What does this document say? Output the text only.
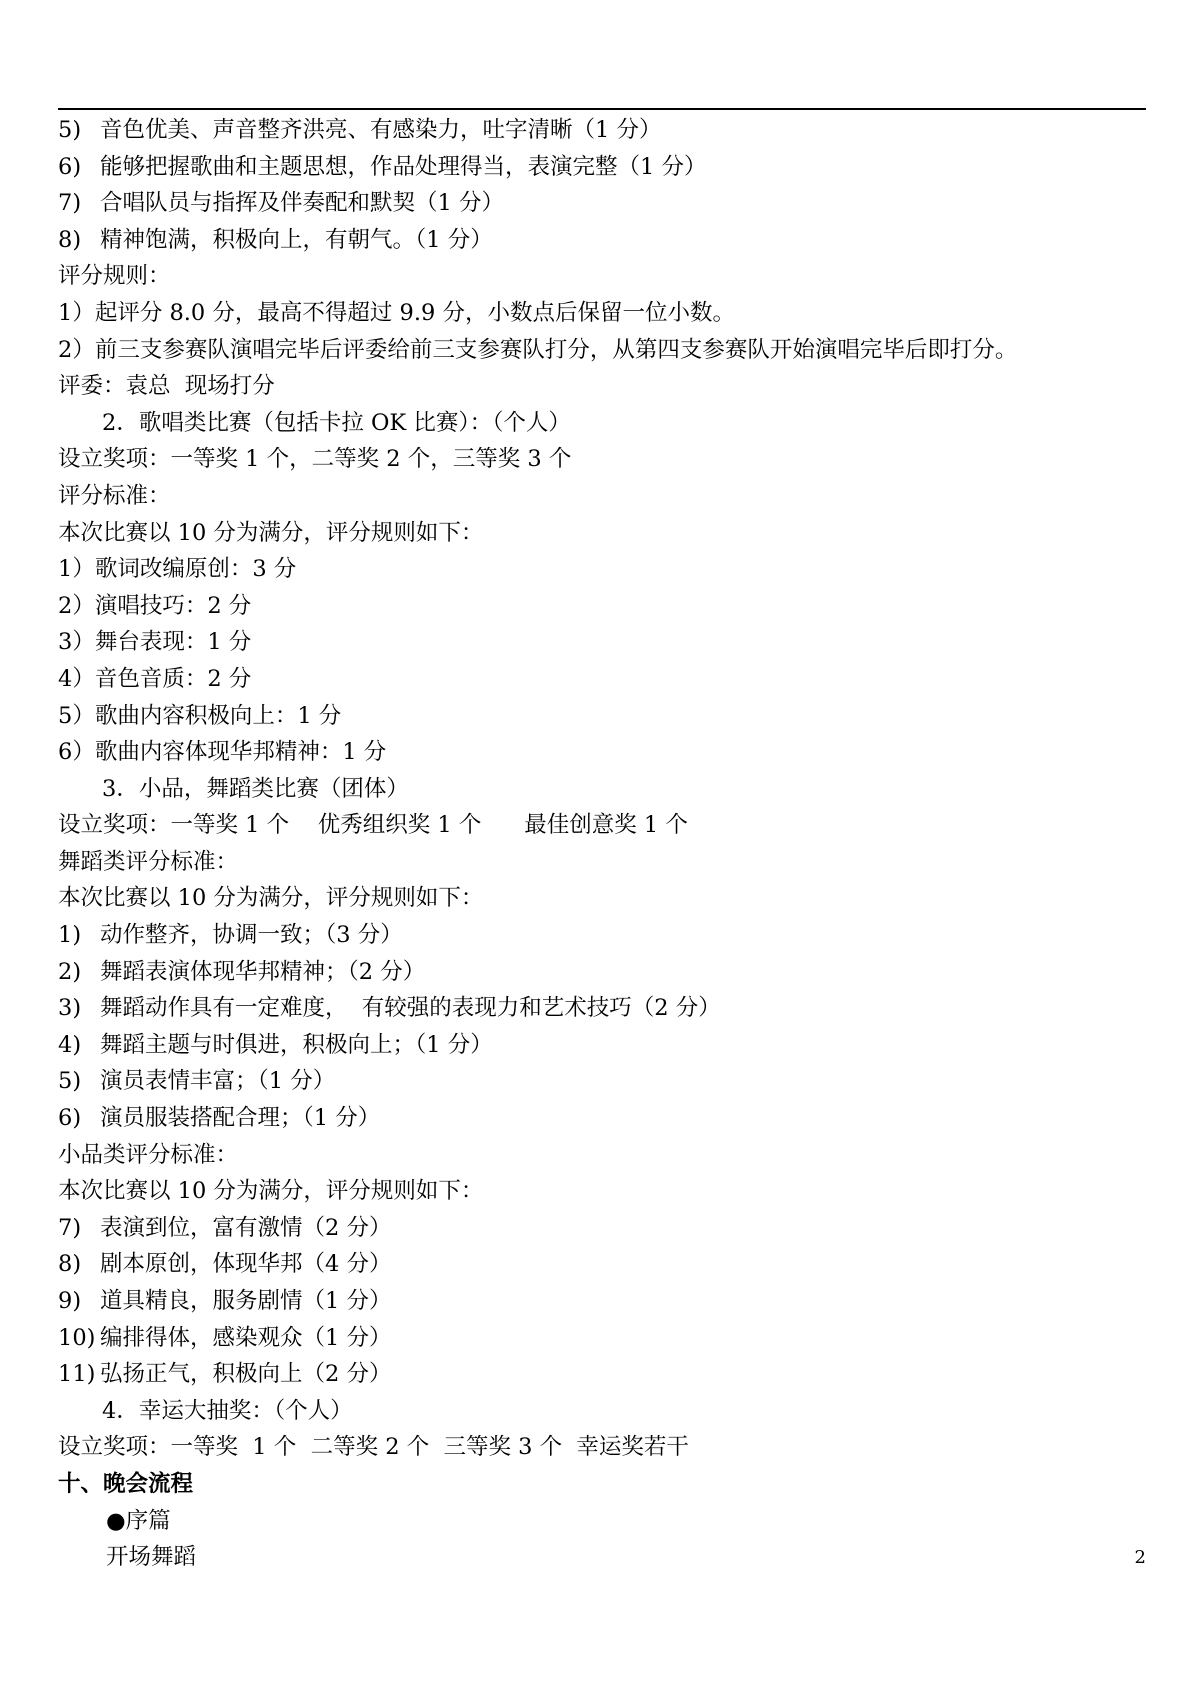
5) 音色优美、声音整齐洪亮、有感染力，吐字清晰（1 分）
6) 能够把握歌曲和主题思想，作品处理得当，表演完整（1 分）
7) 合唱队员与指挥及伴奏配和默契（1 分）
8) 精神饱满，积极向上，有朝气。（1 分）
评分规则：
1）起评分 8.0 分，最高不得超过 9.9 分，小数点后保留一位小数。
2）前三支参赛队演唱完毕后评委给前三支参赛队打分，从第四支参赛队开始演唱完毕后即打分。
评委：袁总  现场打分
2．歌唱类比赛（包括卡拉 OK 比赛）：（个人）
设立奖项：一等奖 1 个，二等奖 2 个，三等奖 3 个
评分标准：
本次比赛以 10 分为满分，评分规则如下：
1）歌词改编原创：3 分
2）演唱技巧：2 分
3）舞台表现：1 分
4）音色音质：2 分
5）歌曲内容积极向上：1 分
6）歌曲内容体现华邦精神：1 分
3．小品，舞蹈类比赛（团体）
设立奖项：一等奖 1 个    优秀组织奖 1 个      最佳创意奖 1 个
舞蹈类评分标准：
本次比赛以 10 分为满分，评分规则如下：
1) 动作整齐，协调一致；（3 分）
2) 舞蹈表演体现华邦精神；（2 分）
3) 舞蹈动作具有一定难度，  有较强的表现力和艺术技巧（2 分）
4) 舞蹈主题与时俱进，积极向上；（1 分）
5) 演员表情丰富；（1 分）
6) 演员服装搭配合理；（1 分）
小品类评分标准：
本次比赛以 10 分为满分，评分规则如下：
7) 表演到位，富有激情（2 分）
8) 剧本原创，体现华邦（4 分）
9) 道具精良，服务剧情（1 分）
10) 编排得体，感染观众（1 分）
11) 弘扬正气，积极向上（2 分）
4．幸运大抽奖：（个人）
设立奖项：一等奖  1 个  二等奖 2 个  三等奖 3 个  幸运奖若干
十、晚会流程
●序篇
开场舞蹈	2
